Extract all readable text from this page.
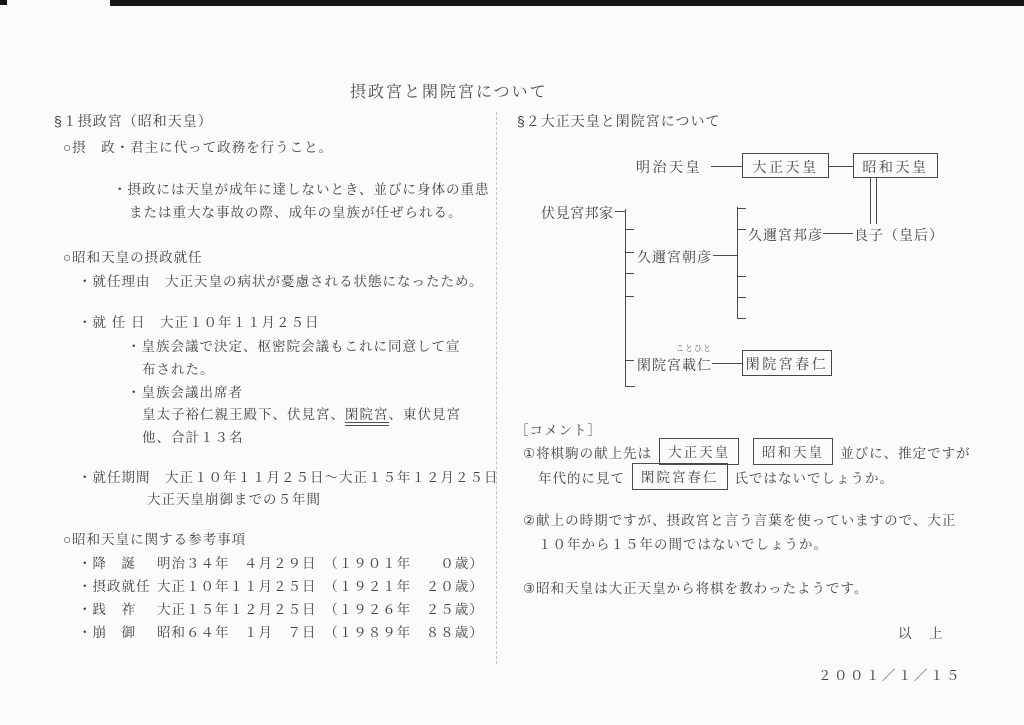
摂政宮と閑院宮について
§１摂政宮（昭和天皇）
○摂　政・君主に代って政務を行うこと。
・摂政には天皇が成年に達しないとき、並びに身体の重患
または重大な事故の際、成年の皇族が任ぜられる。
○昭和天皇の摂政就任
・就任理由　大正天皇の病状が憂慮される状態になったため。
・就 任 日　大正１０年１１月２５日
・皇族会議で決定、枢密院会議もこれに同意して宣
布された。
・皇族会議出席者
皇太子裕仁親王殿下、伏見宮、閑院宮、東伏見宮
他、合計１３名
・就任期間　大正１０年１１月２５日～大正１５年１２月２５日
大正天皇崩御までの５年間
○昭和天皇に関する参考事項
・降　誕 明治３４年　４月２９日　（１９０１年　　０歳）
・摂政就任 大正１０年１１月２５日　（１９２１年　２０歳）
・践　祚 大正１５年１２月２５日　（１９２６年　２５歳）
・崩　御 昭和６４年　１月　７日　（１９８９年　８８歳）
§２大正天皇と閑院宮について
明治天皇	大正天皇	昭和天皇
伏見宮邦家
久邇宮朝彦
久邇宮邦彦 良子（皇后）
ことひと
閑院宮載仁 閑院宮春仁
［コメント］
①将棋駒の献上先は	大正天皇	昭和天皇	並びに、推定ですが
年代的に見て	閑院宮春仁	氏ではないでしょうか。
②献上の時期ですが、摂政宮と言う言葉を使っていますので、大正
１０年から１５年の間ではないでしょうか。
③昭和天皇は大正天皇から将棋を教わったようです。
以　上
２００１／１／１５
